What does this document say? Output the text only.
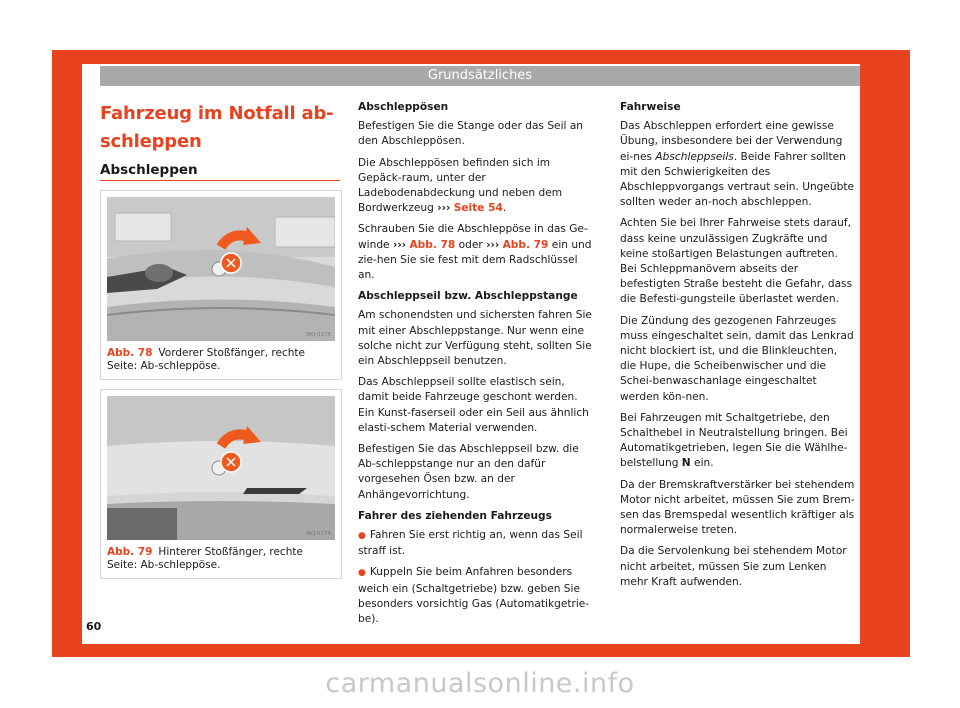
Grundsätzliches
Fahrzeug im Notfall ab-schleppen
Abschleppen
BKJ-0175
Abb. 78 Vorderer Stoßfänger, rechte Seite: Ab-schleppöse.
BKJ-0176
Abb. 79 Hinterer Stoßfänger, rechte Seite: Ab-schleppöse.

Abschleppösen

Befestigen Sie die Stange oder das Seil an den Abschleppösen.

Die Abschleppösen befinden sich im Gepäck-raum, unter der Ladebodenabdeckung und neben dem Bordwerkzeug ››› Seite 54.

Schrauben Sie die Abschleppöse in das Ge-winde ››› Abb. 78 oder ››› Abb. 79 ein und zie-hen Sie sie fest mit dem Radschlüssel an.

Abschleppseil bzw. Abschleppstange

Am schonendsten und sichersten fahren Sie mit einer Abschleppstange. Nur wenn eine solche nicht zur Verfügung steht, sollten Sie ein Abschleppseil benutzen.

Das Abschleppseil sollte elastisch sein, damit beide Fahrzeuge geschont werden. Ein Kunst-faserseil oder ein Seil aus ähnlich elasti-schem Material verwenden.

Befestigen Sie das Abschleppseil bzw. die Ab-schleppstange nur an den dafür vorgesehen Ösen bzw. an der Anhängevorrichtung.

Fahrer des ziehenden Fahrzeugs

● Fahren Sie erst richtig an, wenn das Seil straff ist.

● Kuppeln Sie beim Anfahren besonders weich ein (Schaltgetriebe) bzw. geben Sie besonders vorsichtig Gas (Automatikgetrie-be).

Fahrweise

Das Abschleppen erfordert eine gewisse Übung, insbesondere bei der Verwendung ei-nes Abschleppseils. Beide Fahrer sollten mit den Schwierigkeiten des Abschleppvorgangs vertraut sein. Ungeübte sollten weder an-noch abschleppen.

Achten Sie bei Ihrer Fahrweise stets darauf, dass keine unzulässigen Zugkräfte und keine stoßartigen Belastungen auftreten. Bei Schleppmanövern abseits der befestigten Straße besteht die Gefahr, dass die Befesti-gungsteile überlastet werden.

Die Zündung des gezogenen Fahrzeuges muss eingeschaltet sein, damit das Lenkrad nicht blockiert ist, und die Blinkleuchten, die Hupe, die Scheibenwischer und die Schei-benwaschanlage eingeschaltet werden kön-nen.

Bei Fahrzeugen mit Schaltgetriebe, den Schalthebel in Neutralstellung bringen. Bei Automatikgetrieben, legen Sie die Wählhe-belstellung N ein.

Da der Bremskraftverstärker bei stehendem Motor nicht arbeitet, müssen Sie zum Brem-sen das Bremspedal wesentlich kräftiger als normalerweise treten.

Da die Servolenkung bei stehendem Motor nicht arbeitet, müssen Sie zum Lenken mehr Kraft aufwenden.

60
carmanualsonline.info
